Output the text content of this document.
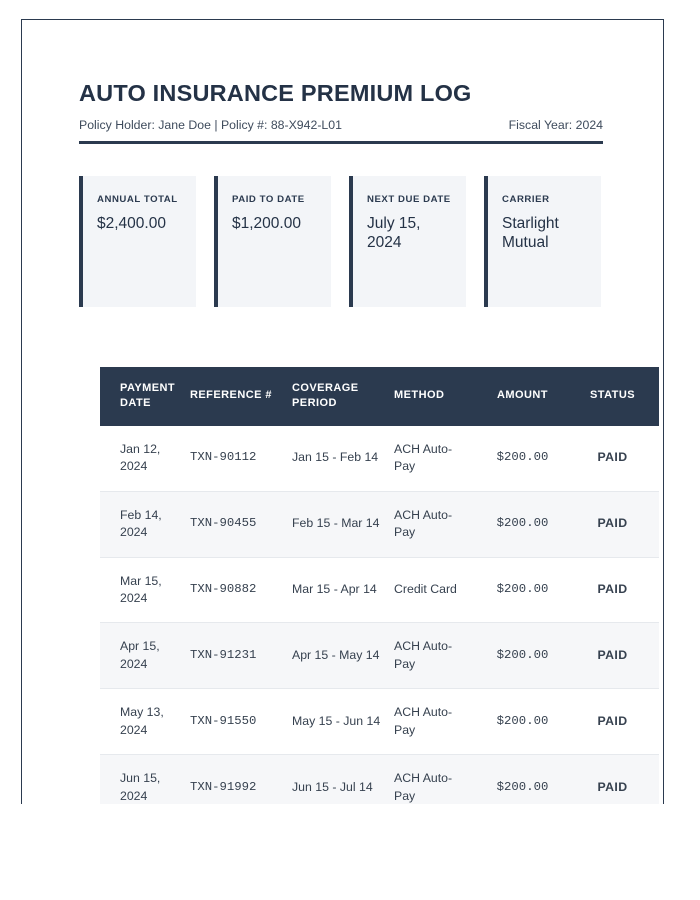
AUTO INSURANCE PREMIUM LOG
Policy Holder: Jane Doe | Policy #: 88-X942-L01	Fiscal Year: 2024
ANNUAL TOTAL
$2,400.00
PAID TO DATE
$1,200.00
NEXT DUE DATE
July 15, 2024
CARRIER
Starlight Mutual
PAYMENT DATE	REFERENCE #	COVERAGE PERIOD	METHOD	AMOUNT	STATUS
Jan 12, 2024	TXN-90112	Jan 15 - Feb 14	ACH Auto-Pay	$200.00	PAID
Feb 14, 2024	TXN-90455	Feb 15 - Mar 14	ACH Auto-Pay	$200.00	PAID
Mar 15, 2024	TXN-90882	Mar 15 - Apr 14	Credit Card	$200.00	PAID
Apr 15, 2024	TXN-91231	Apr 15 - May 14	ACH Auto-Pay	$200.00	PAID
May 13, 2024	TXN-91550	May 15 - Jun 14	ACH Auto-Pay	$200.00	PAID
Jun 15, 2024	TXN-91992	Jun 15 - Jul 14	ACH Auto-Pay	$200.00	PAID
